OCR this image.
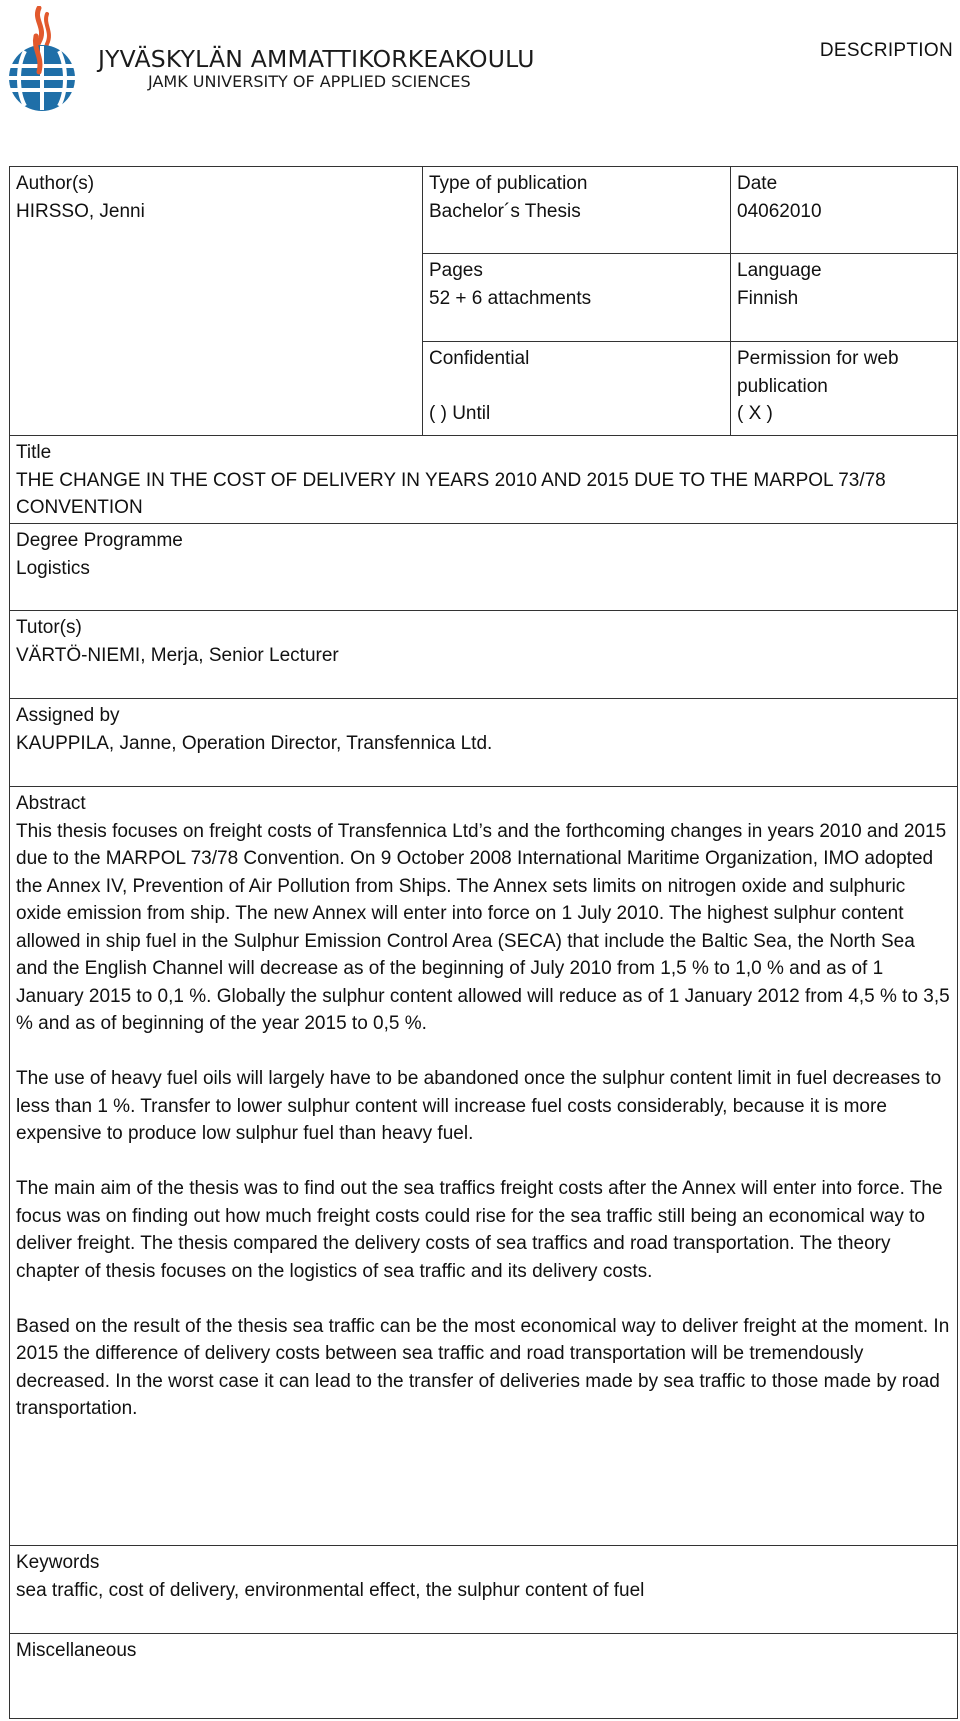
JYVÄSKYLÄN AMMATTIKORKEAKOULU
JAMK UNIVERSITY OF APPLIED SCIENCES
DESCRIPTION
Author(s)
HIRSSO, Jenni
Type of publication
Bachelor´s Thesis
Date
04062010
Pages
52 + 6 attachments
Language
Finnish
Confidential
( ) Until
Permission for web publication
( X )
Title
THE CHANGE IN THE COST OF DELIVERY IN YEARS 2010 AND 2015 DUE TO THE MARPOL 73/78 CONVENTION
Degree Programme
Logistics
Tutor(s)
VÄRTÖ-NIEMI, Merja, Senior Lecturer
Assigned by
KAUPPILA, Janne, Operation Director, Transfennica Ltd.
Abstract

This thesis focuses on freight costs of Transfennica Ltd’s and the forthcoming changes in years 2010 and 2015 due to the MARPOL 73/78 Convention. On 9 October 2008 International Maritime Organization, IMO adopted the Annex IV, Prevention of Air Pollution from Ships. The Annex sets limits on nitrogen oxide and sulphuric oxide emission from ship. The new Annex will enter into force on 1 July 2010. The highest sulphur content allowed in ship fuel in the Sulphur Emission Control Area (SECA) that include the Baltic Sea, the North Sea and the English Channel will decrease as of the beginning of July 2010 from 1,5 % to 1,0 % and as of 1 January 2015 to 0,1 %. Globally the sulphur content allowed will reduce as of 1 January 2012 from 4,5 % to 3,5 % and as of beginning of the year 2015 to 0,5 %.

The use of heavy fuel oils will largely have to be abandoned once the sulphur content limit in fuel decreases to less than 1 %. Transfer to lower sulphur content will increase fuel costs considerably, because it is more expensive to produce low sulphur fuel than heavy fuel.

The main aim of the thesis was to find out the sea traffics freight costs after the Annex will enter into force. The focus was on finding out how much freight costs could rise for the sea traffic still being an economical way to deliver freight. The thesis compared the delivery costs of sea traffics and road transportation. The theory chapter of thesis focuses on the logistics of sea traffic and its delivery costs.

Based on the result of the thesis sea traffic can be the most economical way to deliver freight at the moment. In 2015 the difference of delivery costs between sea traffic and road transportation will be tremendously decreased. In the worst case it can lead to the transfer of deliveries made by sea traffic to those made by road transportation.

Keywords
sea traffic, cost of delivery, environmental effect, the sulphur content of fuel
Miscellaneous
